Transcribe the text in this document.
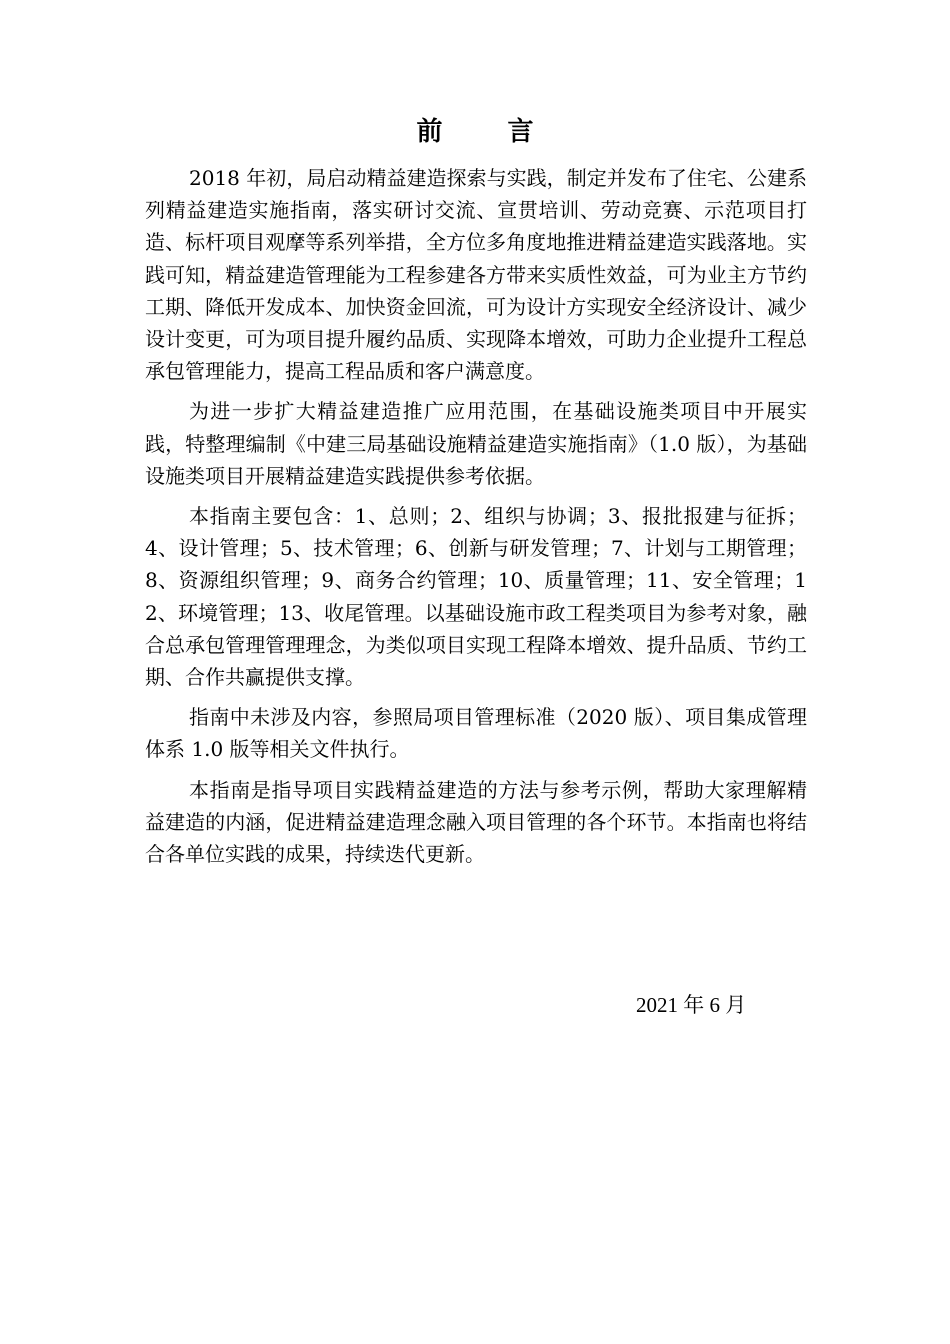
前 言

2018 年初，局启动精益建造探索与实践，制定并发布了住宅、公建系列精益建造实施指南，落实研讨交流、宣贯培训、劳动竞赛、示范项目打造、标杆项目观摩等系列举措，全方位多角度地推进精益建造实践落地。实践可知，精益建造管理能为工程参建各方带来实质性效益，可为业主方节约工期、降低开发成本、加快资金回流，可为设计方实现安全经济设计、减少设计变更，可为项目提升履约品质、实现降本增效，可助力企业提升工程总承包管理能力，提高工程品质和客户满意度。

为进一步扩大精益建造推广应用范围，在基础设施类项目中开展实践，特整理编制《中建三局基础设施精益建造实施指南》（1.0 版），为基础设施类项目开展精益建造实践提供参考依据。

本指南主要包含：1、总则；2、组织与协调；3、报批报建与征拆；4、设计管理；5、技术管理；6、创新与研发管理；7、计划与工期管理；8、资源组织管理；9、商务合约管理；10、质量管理；11、安全管理；12、环境管理；13、收尾管理。以基础设施市政工程类项目为参考对象，融合总承包管理管理理念，为类似项目实现工程降本增效、提升品质、节约工期、合作共赢提供支撑。

指南中未涉及内容，参照局项目管理标准（2020 版）、项目集成管理体系 1.0 版等相关文件执行。

本指南是指导项目实践精益建造的方法与参考示例，帮助大家理解精益建造的内涵，促进精益建造理念融入项目管理的各个环节。本指南也将结合各单位实践的成果，持续迭代更新。

2021 年 6 月
